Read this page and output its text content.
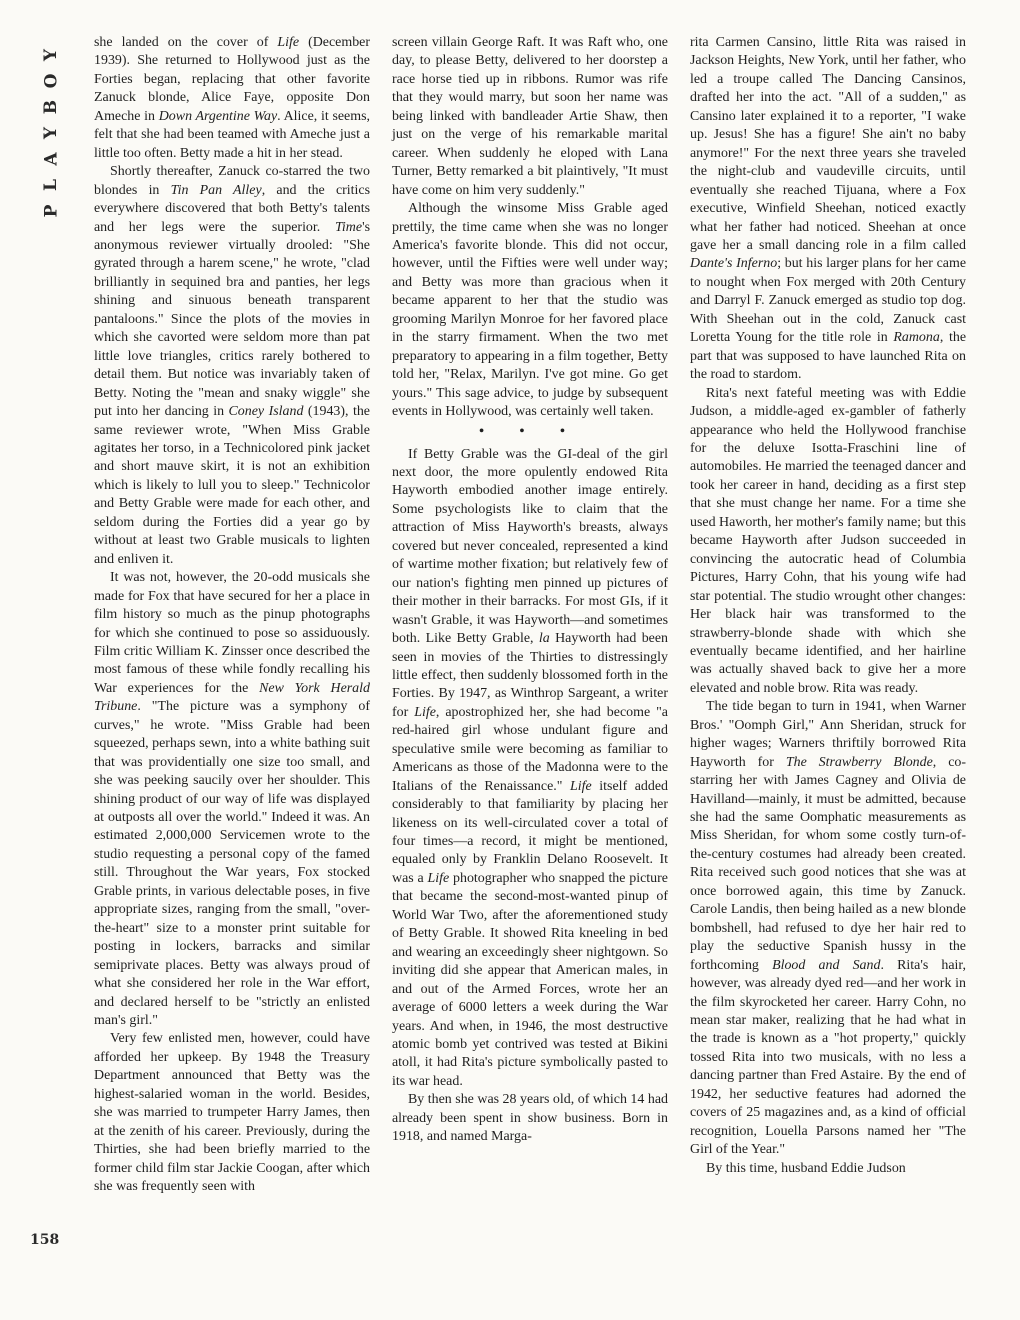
Y
O
B
Y
A
L
P
158

she landed on the cover of Life (December 1939). She returned to Hollywood just as the Forties began, replacing that other favorite Zanuck blonde, Alice Faye, opposite Don Ameche in Down Argentine Way. Alice, it seems, felt that she had been teamed with Ameche just a little too often. Betty made a hit in her stead.

Shortly thereafter, Zanuck co-starred the two blondes in Tin Pan Alley, and the critics everywhere discovered that both Betty's talents and her legs were the superior. Time's anonymous reviewer virtually drooled: "She gyrated through a harem scene," he wrote, "clad brilliantly in sequined bra and panties, her legs shining and sinuous beneath transparent pantaloons." Since the plots of the movies in which she cavorted were seldom more than pat little love triangles, critics rarely bothered to detail them. But notice was invariably taken of Betty. Noting the "mean and snaky wiggle" she put into her dancing in Coney Island (1943), the same reviewer wrote, "When Miss Grable agitates her torso, in a Technicolored pink jacket and short mauve skirt, it is not an exhibition which is likely to lull you to sleep." Technicolor and Betty Grable were made for each other, and seldom during the Forties did a year go by without at least two Grable musicals to lighten and enliven it.

It was not, however, the 20-odd musicals she made for Fox that have secured for her a place in film history so much as the pinup photographs for which she continued to pose so assiduously. Film critic William K. Zinsser once described the most famous of these while fondly recalling his War experiences for the New York Herald Tribune. "The picture was a symphony of curves," he wrote. "Miss Grable had been squeezed, perhaps sewn, into a white bathing suit that was providentially one size too small, and she was peeking saucily over her shoulder. This shining product of our way of life was displayed at outposts all over the world." Indeed it was. An estimated 2,000,000 Servicemen wrote to the studio requesting a personal copy of the famed still. Throughout the War years, Fox stocked Grable prints, in various delectable poses, in five appropriate sizes, ranging from the small, "over-the-heart" size to a monster print suitable for posting in lockers, barracks and similar semiprivate places. Betty was always proud of what she considered her role in the War effort, and declared herself to be "strictly an enlisted man's girl."

Very few enlisted men, however, could have afforded her upkeep. By 1948 the Treasury Department announced that Betty was the highest-salaried woman in the world. Besides, she was married to trumpeter Harry James, then at the zenith of his career. Previously, during the Thirties, she had been briefly married to the former child film star Jackie Coogan, after which she was frequently seen with

screen villain George Raft. It was Raft who, one day, to please Betty, delivered to her doorstep a race horse tied up in ribbons. Rumor was rife that they would marry, but soon her name was being linked with bandleader Artie Shaw, then just on the verge of his remarkable marital career. When suddenly he eloped with Lana Turner, Betty remarked a bit plaintively, "It must have come on him very suddenly."

Although the winsome Miss Grable aged prettily, the time came when she was no longer America's favorite blonde. This did not occur, however, until the Fifties were well under way; and Betty was more than gracious when it became apparent to her that the studio was grooming Marilyn Monroe for her favored place in the starry firmament. When the two met preparatory to appearing in a film together, Betty told her, "Relax, Marilyn. I've got mine. Go get yours." This sage advice, to judge by subsequent events in Hollywood, was certainly well taken.

• • •

If Betty Grable was the GI-deal of the girl next door, the more opulently endowed Rita Hayworth embodied another image entirely. Some psychologists like to claim that the attraction of Miss Hayworth's breasts, always covered but never concealed, represented a kind of wartime mother fixation; but relatively few of our nation's fighting men pinned up pictures of their mother in their barracks. For most GIs, if it wasn't Grable, it was Hayworth—and sometimes both. Like Betty Grable, la Hayworth had been seen in movies of the Thirties to distressingly little effect, then suddenly blossomed forth in the Forties. By 1947, as Winthrop Sargeant, a writer for Life, apostrophized her, she had become "a red-haired girl whose undulant figure and speculative smile were becoming as familiar to Americans as those of the Madonna were to the Italians of the Renaissance." Life itself added considerably to that familiarity by placing her likeness on its well-circulated cover a total of four times—a record, it might be mentioned, equaled only by Franklin Delano Roosevelt. It was a Life photographer who snapped the picture that became the second-most-wanted pinup of World War Two, after the aforementioned study of Betty Grable. It showed Rita kneeling in bed and wearing an exceedingly sheer nightgown. So inviting did she appear that American males, in and out of the Armed Forces, wrote her an average of 6000 letters a week during the War years. And when, in 1946, the most destructive atomic bomb yet contrived was tested at Bikini atoll, it had Rita's picture symbolically pasted to its war head.

By then she was 28 years old, of which 14 had already been spent in show business. Born in 1918, and named Marga-

rita Carmen Cansino, little Rita was raised in Jackson Heights, New York, until her father, who led a troupe called The Dancing Cansinos, drafted her into the act. "All of a sudden," as Cansino later explained it to a reporter, "I wake up. Jesus! She has a figure! She ain't no baby anymore!" For the next three years she traveled the night-club and vaudeville circuits, until eventually she reached Tijuana, where a Fox executive, Winfield Sheehan, noticed exactly what her father had noticed. Sheehan at once gave her a small dancing role in a film called Dante's Inferno; but his larger plans for her came to nought when Fox merged with 20th Century and Darryl F. Zanuck emerged as studio top dog. With Sheehan out in the cold, Zanuck cast Loretta Young for the title role in Ramona, the part that was supposed to have launched Rita on the road to stardom.

Rita's next fateful meeting was with Eddie Judson, a middle-aged ex-gambler of fatherly appearance who held the Hollywood franchise for the deluxe Isotta-Fraschini line of automobiles. He married the teenaged dancer and took her career in hand, deciding as a first step that she must change her name. For a time she used Haworth, her mother's family name; but this became Hayworth after Judson succeeded in convincing the autocratic head of Columbia Pictures, Harry Cohn, that his young wife had star potential. The studio wrought other changes: Her black hair was transformed to the strawberry-blonde shade with which she eventually became identified, and her hairline was actually shaved back to give her a more elevated and noble brow. Rita was ready.

The tide began to turn in 1941, when Warner Bros.' "Oomph Girl," Ann Sheridan, struck for higher wages; Warners thriftily borrowed Rita Hayworth for The Strawberry Blonde, co-starring her with James Cagney and Olivia de Havilland—mainly, it must be admitted, because she had the same Oomphatic measurements as Miss Sheridan, for whom some costly turn-of-the-century costumes had already been created. Rita received such good notices that she was at once borrowed again, this time by Zanuck. Carole Landis, then being hailed as a new blonde bombshell, had refused to dye her hair red to play the seductive Spanish hussy in the forthcoming Blood and Sand. Rita's hair, however, was already dyed red—and her work in the film skyrocketed her career. Harry Cohn, no mean star maker, realizing that he had what in the trade is known as a "hot property," quickly tossed Rita into two musicals, with no less a dancing partner than Fred Astaire. By the end of 1942, her seductive features had adorned the covers of 25 magazines and, as a kind of official recognition, Louella Parsons named her "The Girl of the Year."

By this time, husband Eddie Judson
